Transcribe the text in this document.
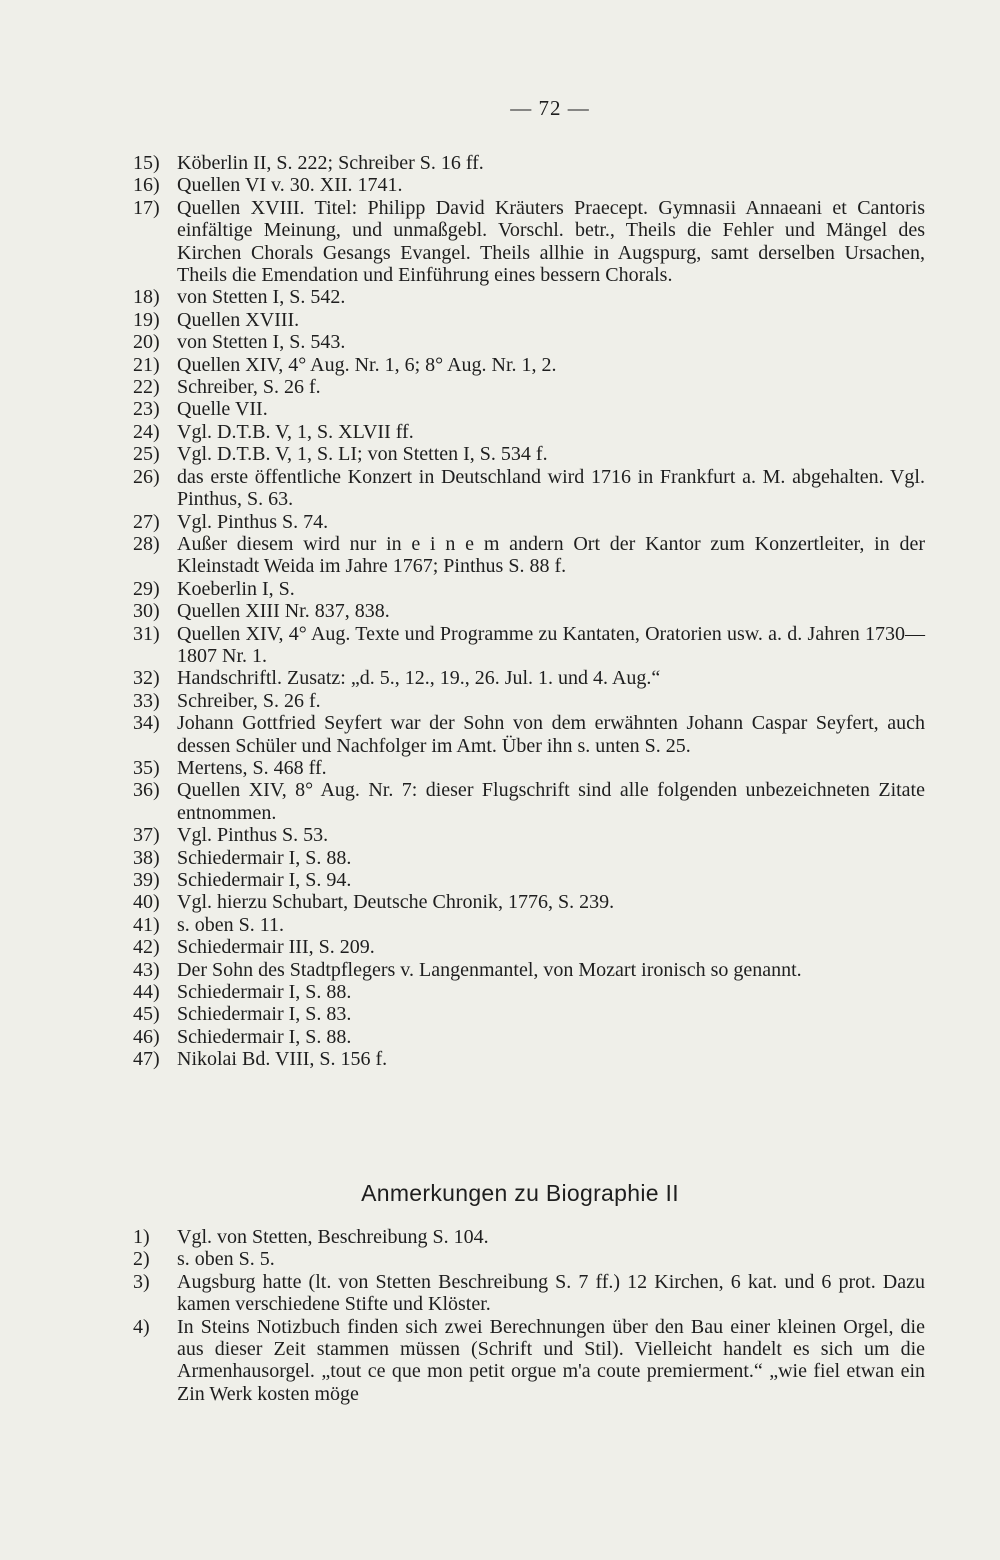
— 72 —
15) Köberlin II, S. 222; Schreiber S. 16 ff.
16) Quellen VI v. 30. XII. 1741.
17) Quellen XVIII. Titel: Philipp David Kräuters Praecept. Gymnasii Annaeani et Cantoris einfältige Meinung, und unmaßgebl. Vorschl. betr., Theils die Fehler und Mängel des Kirchen Chorals Gesangs Evangel. Theils allhie in Augspurg, samt derselben Ursachen, Theils die Emendation und Einführung eines bessern Chorals.
18) von Stetten I, S. 542.
19) Quellen XVIII.
20) von Stetten I, S. 543.
21) Quellen XIV, 4° Aug. Nr. 1, 6; 8° Aug. Nr. 1, 2.
22) Schreiber, S. 26 f.
23) Quelle VII.
24) Vgl. D.T.B. V, 1, S. XLVII ff.
25) Vgl. D.T.B. V, 1, S. LI; von Stetten I, S. 534 f.
26) das erste öffentliche Konzert in Deutschland wird 1716 in Frankfurt a. M. abgehalten. Vgl. Pinthus, S. 63.
27) Vgl. Pinthus S. 74.
28) Außer diesem wird nur in e i n e m andern Ort der Kantor zum Konzertleiter, in der Kleinstadt Weida im Jahre 1767; Pinthus S. 88 f.
29) Koeberlin I, S.
30) Quellen XIII Nr. 837, 838.
31) Quellen XIV, 4° Aug. Texte und Programme zu Kantaten, Oratorien usw. a. d. Jahren 1730—1807 Nr. 1.
32) Handschriftl. Zusatz: „d. 5., 12., 19., 26. Jul. 1. und 4. Aug.“
33) Schreiber, S. 26 f.
34) Johann Gottfried Seyfert war der Sohn von dem erwähnten Johann Caspar Seyfert, auch dessen Schüler und Nachfolger im Amt. Über ihn s. unten S. 25.
35) Mertens, S. 468 ff.
36) Quellen XIV, 8° Aug. Nr. 7: dieser Flugschrift sind alle folgenden unbezeichneten Zitate entnommen.
37) Vgl. Pinthus S. 53.
38) Schiedermair I, S. 88.
39) Schiedermair I, S. 94.
40) Vgl. hierzu Schubart, Deutsche Chronik, 1776, S. 239.
41) s. oben S. 11.
42) Schiedermair III, S. 209.
43) Der Sohn des Stadtpflegers v. Langenmantel, von Mozart ironisch so genannt.
44) Schiedermair I, S. 88.
45) Schiedermair I, S. 83.
46) Schiedermair I, S. 88.
47) Nikolai Bd. VIII, S. 156 f.
Anmerkungen zu Biographie II
1)	Vgl. von Stetten, Beschreibung S. 104.
2)	s. oben S. 5.
3)	Augsburg hatte (lt. von Stetten Beschreibung S. 7 ff.) 12 Kirchen, 6 kat. und 6 prot. Dazu kamen verschiedene Stifte und Klöster.
4)	In Steins Notizbuch finden sich zwei Berechnungen über den Bau einer kleinen Orgel, die aus dieser Zeit stammen müssen (Schrift und Stil). Vielleicht handelt es sich um die Armenhausorgel. „tout ce que mon petit orgue m'a coute premierment.“ „wie fiel etwan ein Zin Werk kosten möge
